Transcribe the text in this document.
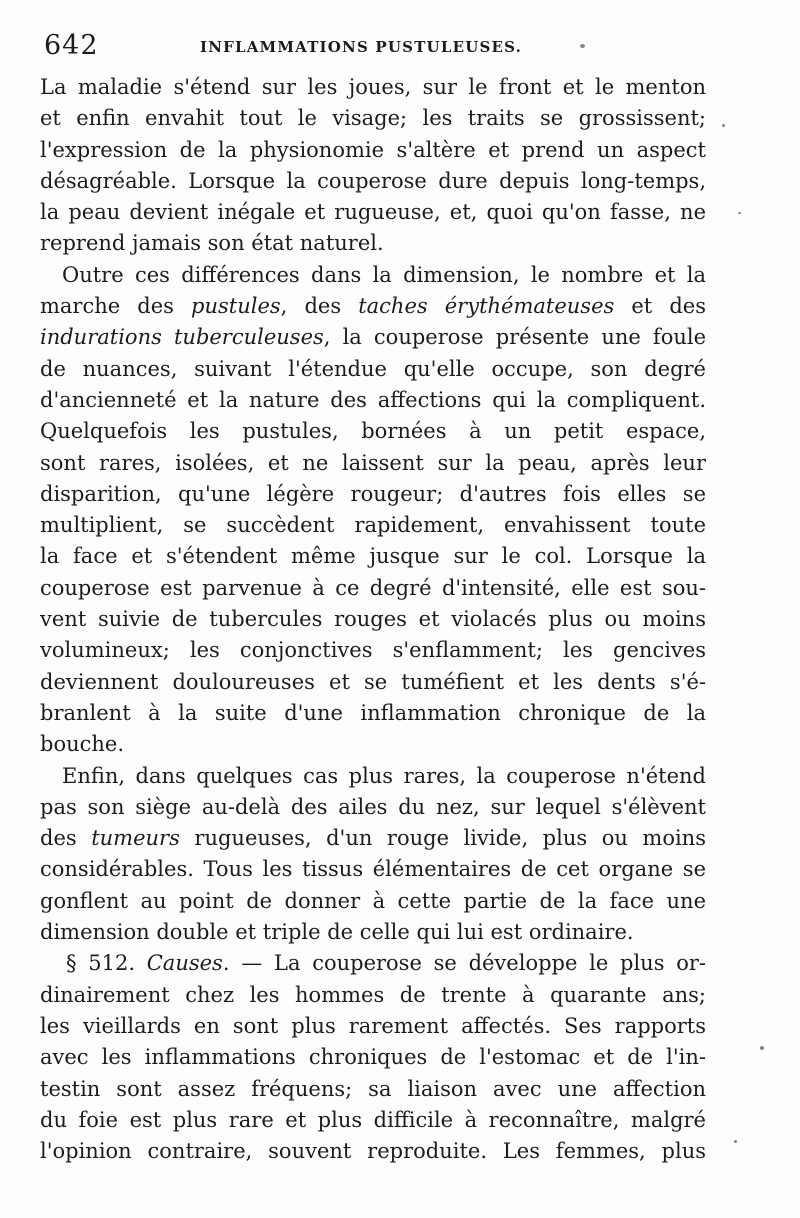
642	INFLAMMATIONS PUSTULEUSES.
La maladie s'étend sur les joues, sur le front et le menton
et enfin envahit tout le visage; les traits se grossissent;
l'expression de la physionomie s'altère et prend un aspect
désagréable. Lorsque la couperose dure depuis long-temps,
la peau devient inégale et rugueuse, et, quoi qu'on fasse, ne
reprend jamais son état naturel.
Outre ces différences dans la dimension, le nombre et la
marche des pustules, des taches érythémateuses et des
indurations tuberculeuses, la couperose présente une foule
de nuances, suivant l'étendue qu'elle occupe, son degré
d'ancienneté et la nature des affections qui la compliquent.
Quelquefois les pustules, bornées à un petit espace,
sont rares, isolées, et ne laissent sur la peau, après leur
disparition, qu'une légère rougeur; d'autres fois elles se
multiplient, se succèdent rapidement, envahissent toute
la face et s'étendent même jusque sur le col. Lorsque la
couperose est parvenue à ce degré d'intensité, elle est sou-
vent suivie de tubercules rouges et violacés plus ou moins
volumineux; les conjonctives s'enflamment; les gencives
deviennent douloureuses et se tuméfient et les dents s'é-
branlent à la suite d'une inflammation chronique de la
bouche.
Enfin, dans quelques cas plus rares, la couperose n'étend
pas son siège au-delà des ailes du nez, sur lequel s'élèvent
des tumeurs rugueuses, d'un rouge livide, plus ou moins
considérables. Tous les tissus élémentaires de cet organe se
gonflent au point de donner à cette partie de la face une
dimension double et triple de celle qui lui est ordinaire.
§ 512. Causes. — La couperose se développe le plus or-
dinairement chez les hommes de trente à quarante ans;
les vieillards en sont plus rarement affectés. Ses rapports
avec les inflammations chroniques de l'estomac et de l'in-
testin sont assez fréquens; sa liaison avec une affection
du foie est plus rare et plus difficile à reconnaître, malgré
l'opinion contraire, souvent reproduite. Les femmes, plus
